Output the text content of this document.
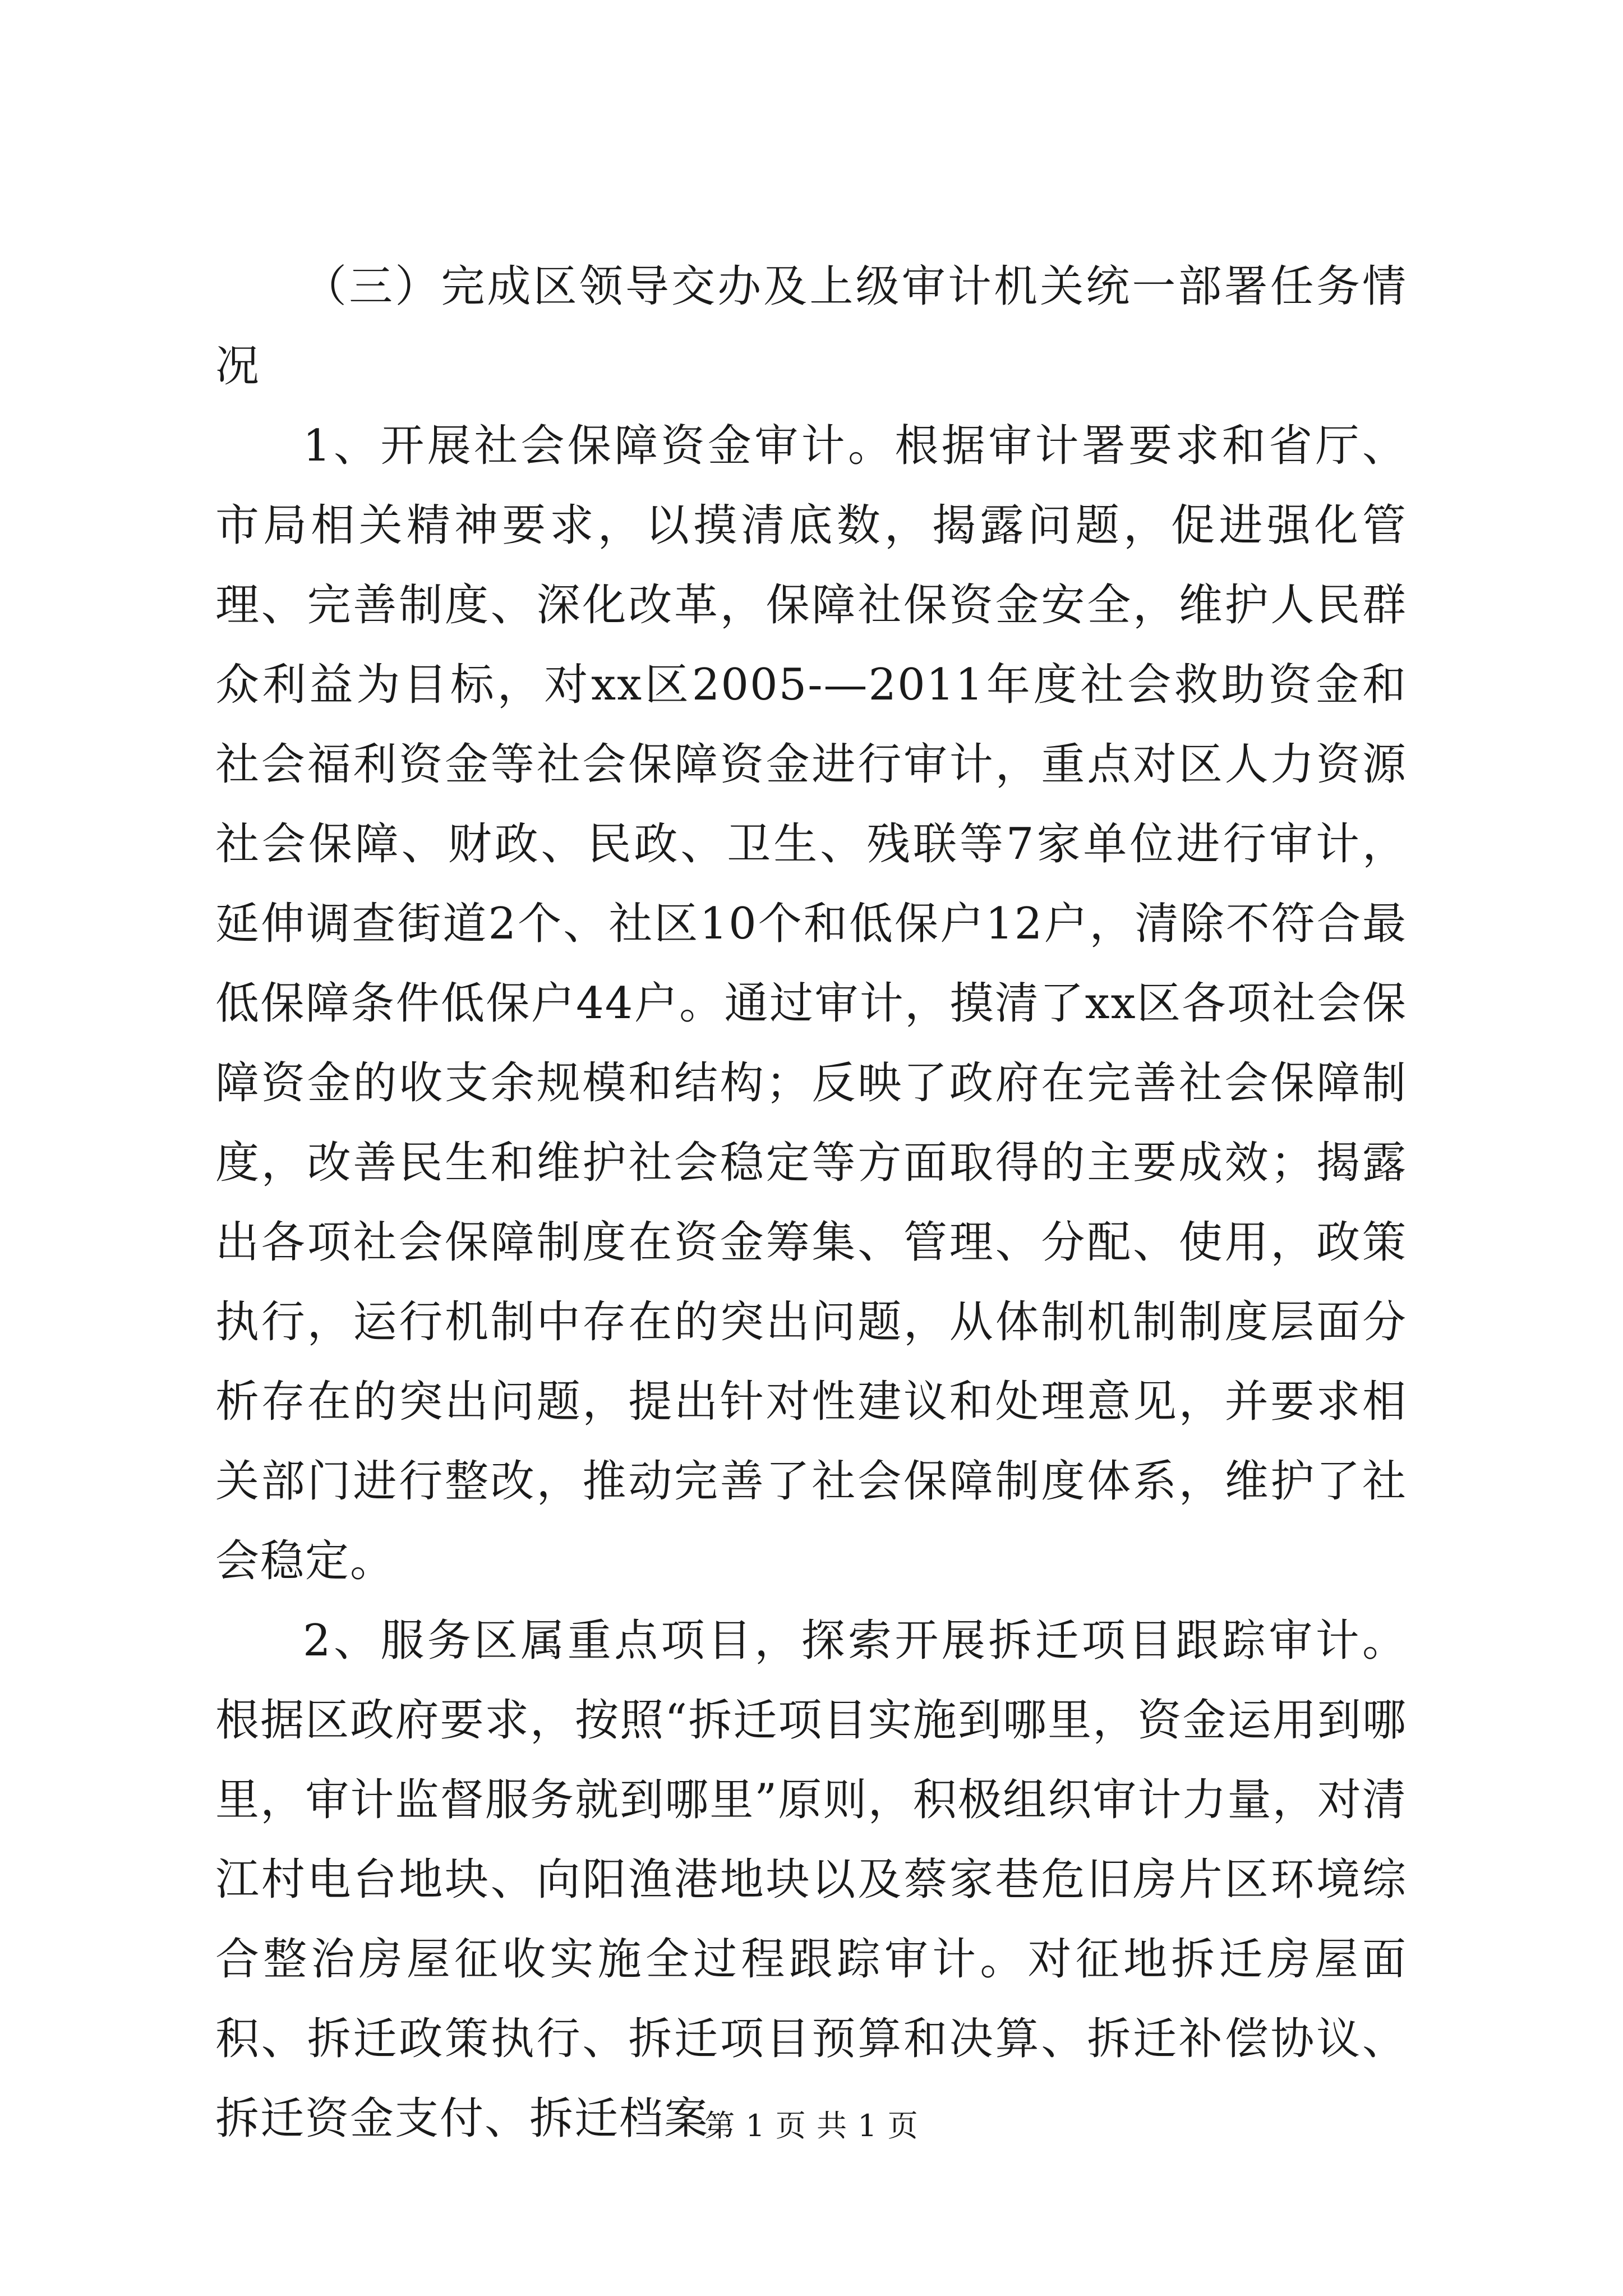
（三）完成区领导交办及上级审计机关统一部署任务情况

1、开展社会保障资金审计。根据审计署要求和省厅、市局相关精神要求，以摸清底数，揭露问题，促进强化管理、完善制度、深化改革，保障社保资金安全，维护人民群众利益为目标，对xx区2005-—2011年度社会救助资金和社会福利资金等社会保障资金进行审计，重点对区人力资源社会保障、财政、民政、卫生、残联等7家单位进行审计，延伸调查街道2个、社区10个和低保户12户，清除不符合最低保障条件低保户44户。通过审计，摸清了xx区各项社会保障资金的收支余规模和结构；反映了政府在完善社会保障制度，改善民生和维护社会稳定等方面取得的主要成效；揭露出各项社会保障制度在资金筹集、管理、分配、使用，政策执行，运行机制中存在的突出问题，从体制机制制度层面分析存在的突出问题，提出针对性建议和处理意见，并要求相关部门进行整改，推动完善了社会保障制度体系，维护了社会稳定。

2、服务区属重点项目，探索开展拆迁项目跟踪审计。根据区政府要求，按照“拆迁项目实施到哪里，资金运用到哪里，审计监督服务就到哪里”原则，积极组织审计力量，对清江村电台地块、向阳渔港地块以及蔡家巷危旧房片区环境综合整治房屋征收实施全过程跟踪审计。对征地拆迁房屋面积、拆迁政策执行、拆迁项目预算和决算、拆迁补偿协议、拆迁资金支付、拆迁档案

第 1 页 共 1 页
